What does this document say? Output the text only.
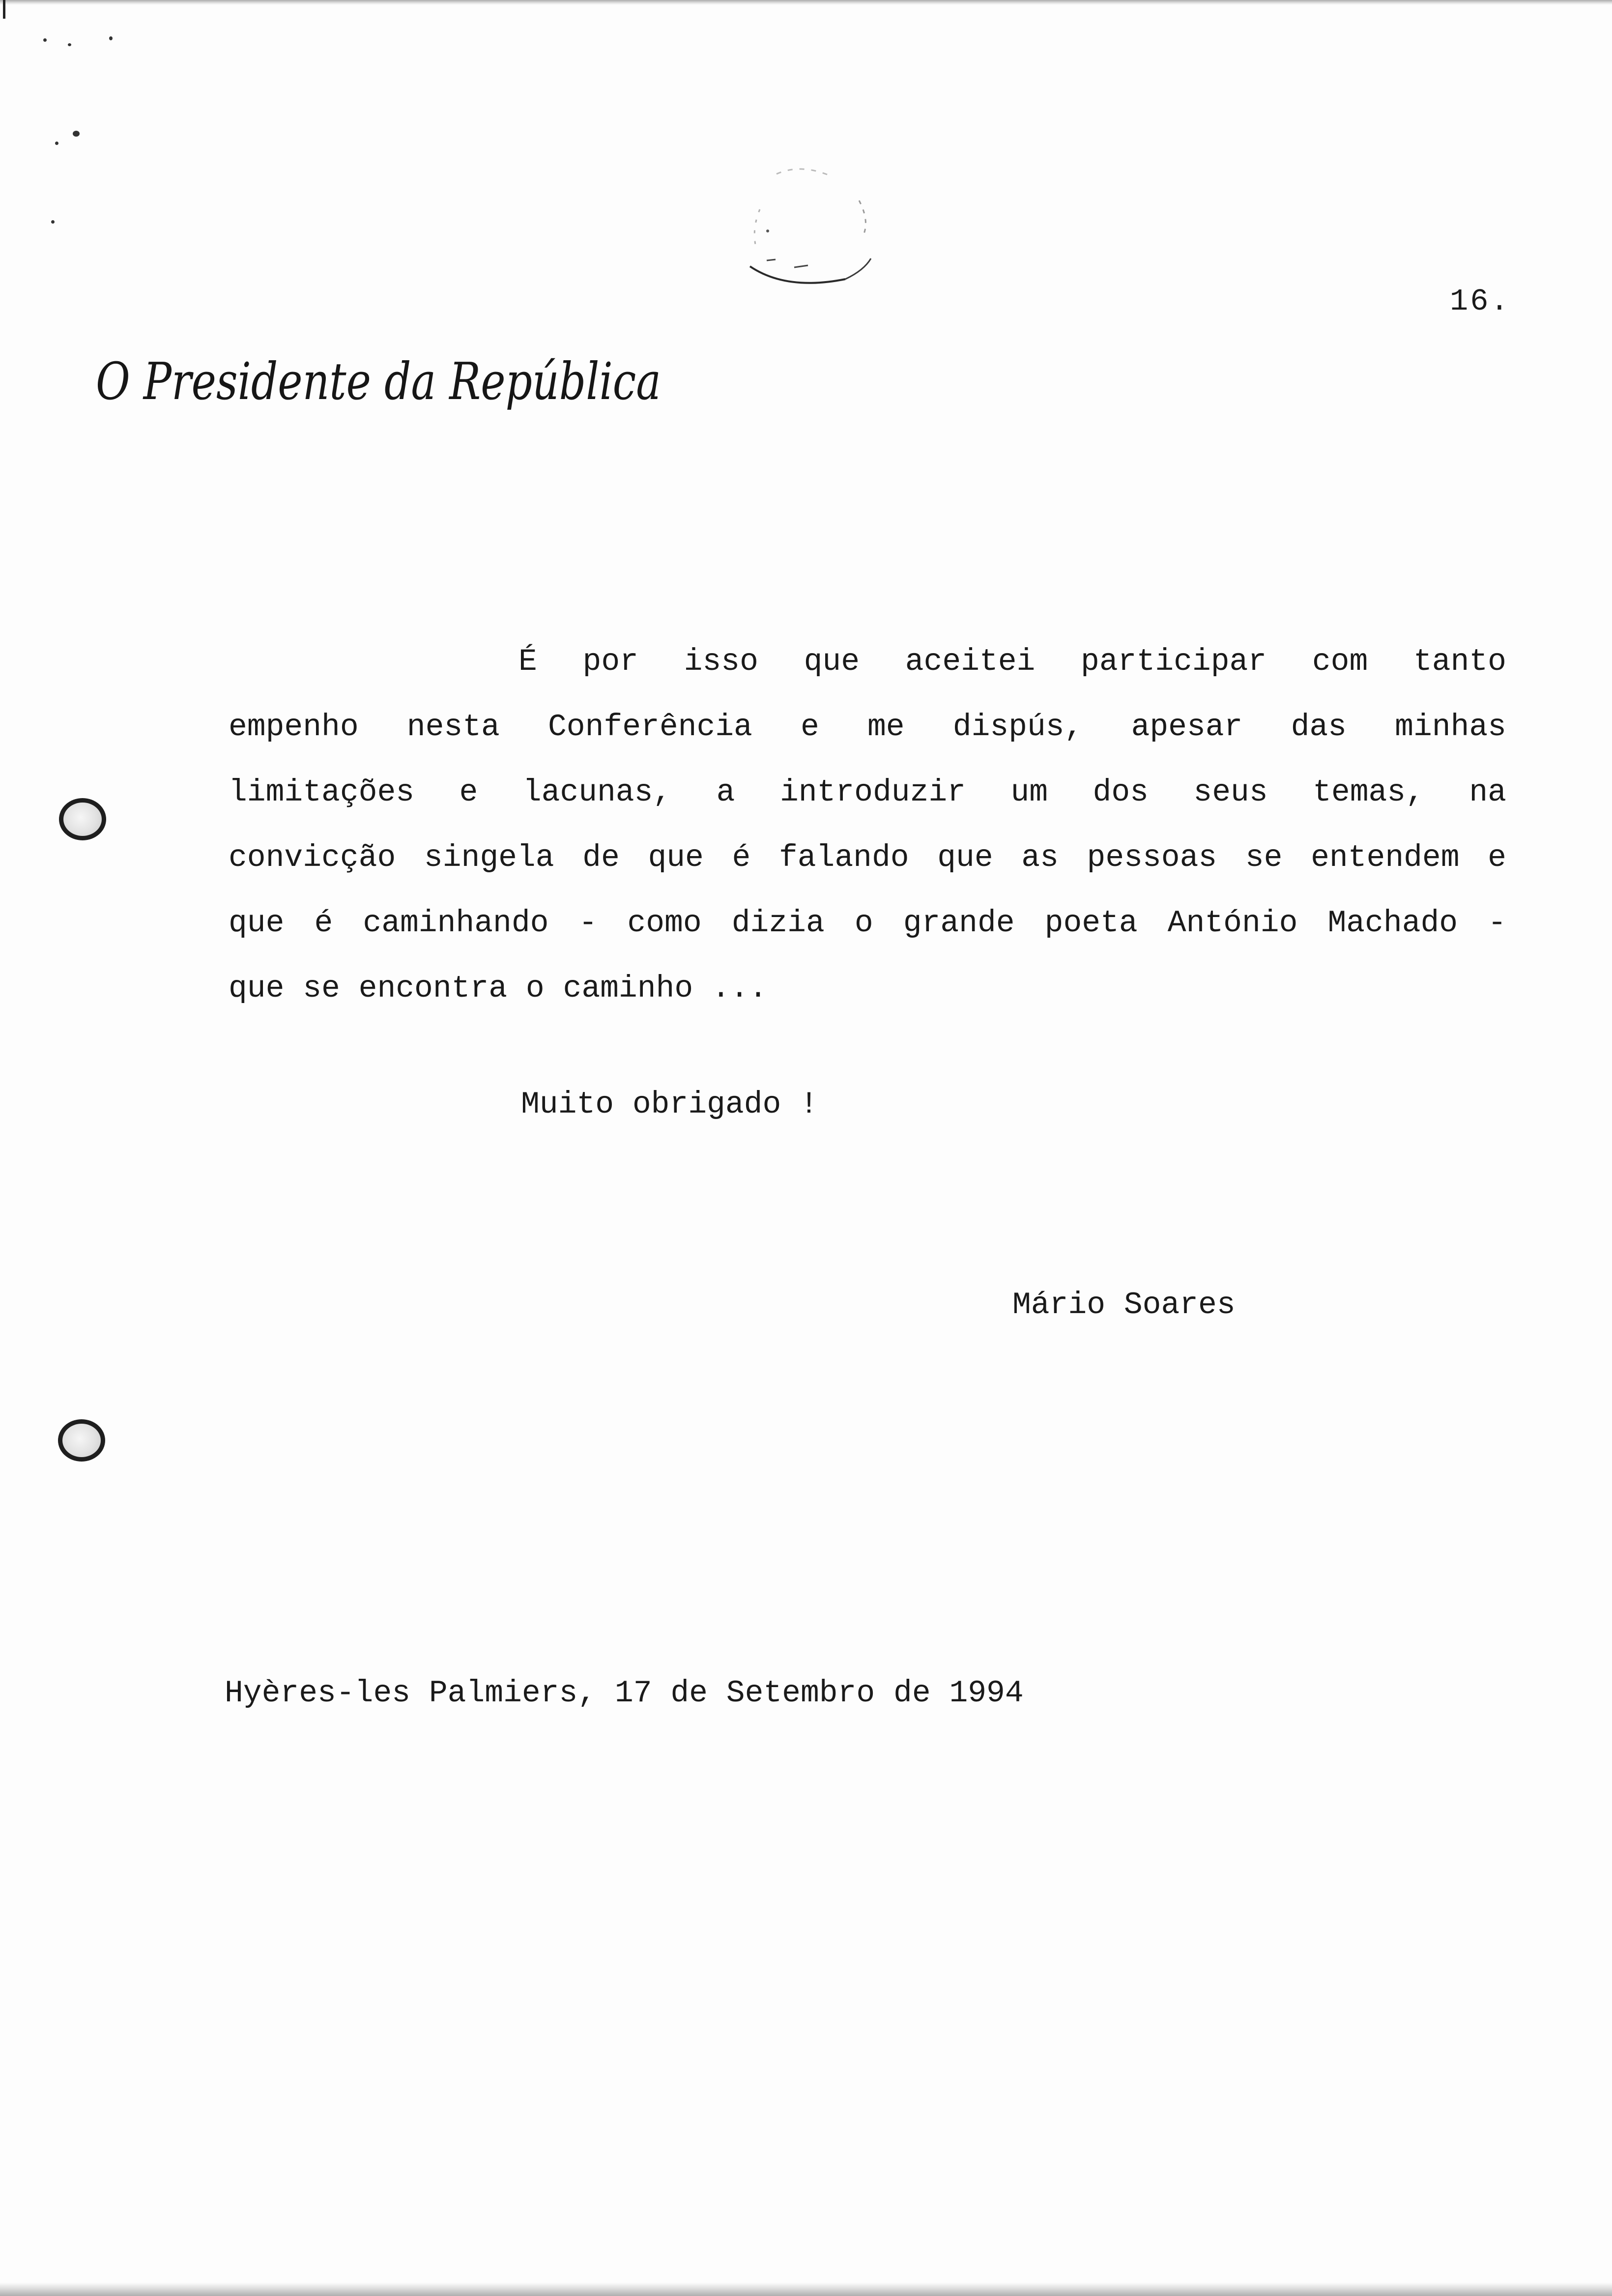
16.
O Presidente da República
É por isso que aceitei participar com tanto
empenho nesta Conferência e me dispús, apesar das minhas
limitações e lacunas, a introduzir um dos seus temas, na
convicção singela de que é falando que as pessoas se entendem e
que é caminhando - como dizia o grande poeta António Machado -
que se encontra o caminho ...
Muito obrigado !
Mário Soares
Hyères-les Palmiers, 17 de Setembro de 1994
